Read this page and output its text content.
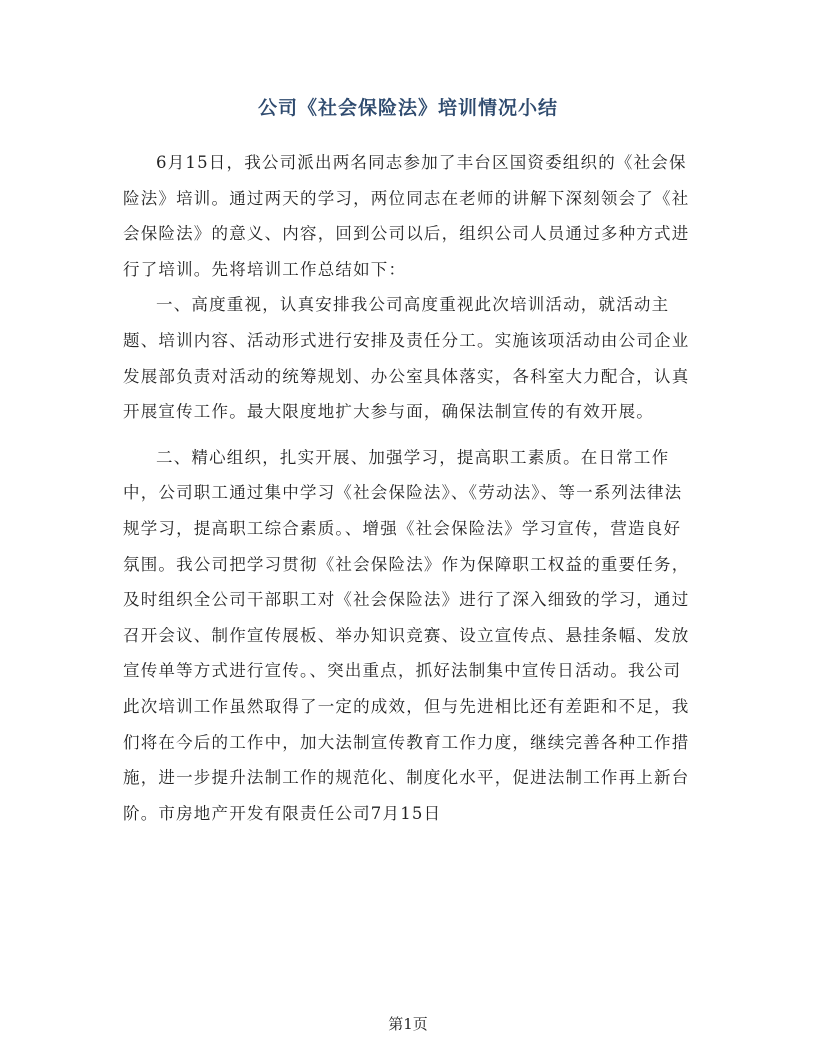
公司《社会保险法》培训情况小结

6月15日，我公司派出两名同志参加了丰台区国资委组织的《社会保险法》培训。通过两天的学习，两位同志在老师的讲解下深刻领会了《社会保险法》的意义、内容，回到公司以后，组织公司人员通过多种方式进行了培训。先将培训工作总结如下：

一、高度重视，认真安排我公司高度重视此次培训活动，就活动主题、培训内容、活动形式进行安排及责任分工。实施该项活动由公司企业发展部负责对活动的统筹规划、办公室具体落实，各科室大力配合，认真开展宣传工作。最大限度地扩大参与面，确保法制宣传的有效开展。

二、精心组织，扎实开展、加强学习，提高职工素质。在日常工作中，公司职工通过集中学习《社会保险法》、《劳动法》、等一系列法律法规学习，提高职工综合素质。、增强《社会保险法》学习宣传，营造良好氛围。我公司把学习贯彻《社会保险法》作为保障职工权益的重要任务，及时组织全公司干部职工对《社会保险法》进行了深入细致的学习，通过召开会议、制作宣传展板、举办知识竞赛、设立宣传点、悬挂条幅、发放宣传单等方式进行宣传。、突出重点，抓好法制集中宣传日活动。我公司此次培训工作虽然取得了一定的成效，但与先进相比还有差距和不足，我们将在今后的工作中，加大法制宣传教育工作力度，继续完善各种工作措施，进一步提升法制工作的规范化、制度化水平，促进法制工作再上新台阶。市房地产开发有限责任公司7月15日

第1页
